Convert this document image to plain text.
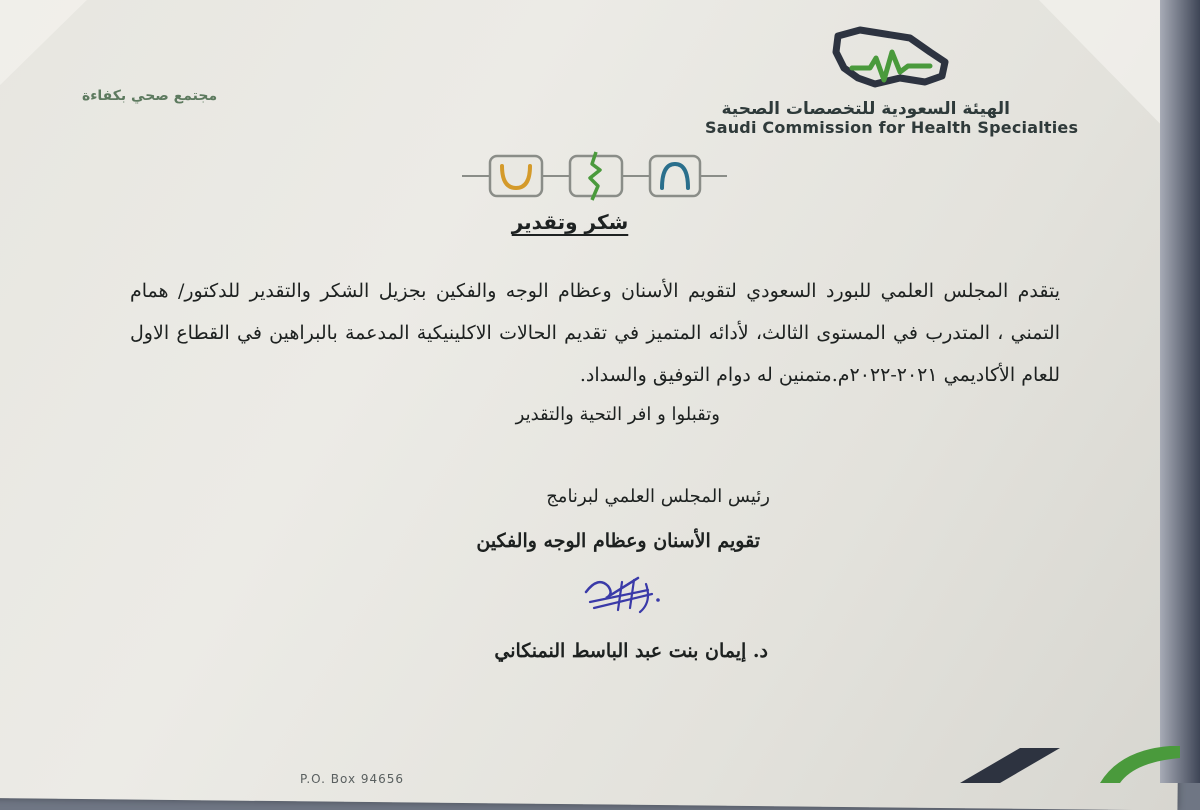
مجتمع صحي بكفاءة
الهيئة السعودية للتخصصات الصحية
Saudi Commission for Health Specialties
شكر وتقدير
يتقدم المجلس العلمي للبورد السعودي لتقويم الأسنان وعظام الوجه والفكين بجزيل الشكر والتقدير للدكتور/ همام التمني ، المتدرب في المستوى الثالث، لأدائه المتميز في تقديم الحالات الاكلينيكية المدعمة بالبراهين في القطاع الاول للعام الأكاديمي ٢٠٢١-٢٠٢٢م.متمنين له دوام التوفيق والسداد.
وتقبلوا و افر التحية والتقدير
رئيس المجلس العلمي لبرنامج
تقويم الأسنان وعظام الوجه والفكين
د. إيمان بنت عبد الباسط النمنكاني
P.O. Box 94656
